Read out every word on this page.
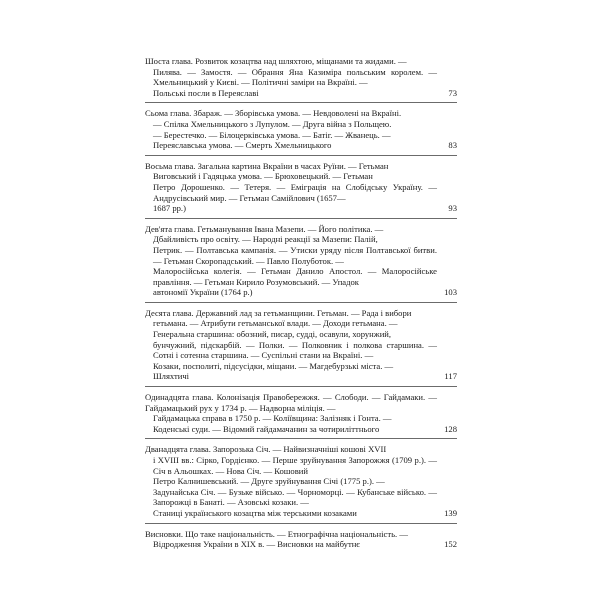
Шоста глава. Розвиток козацтва над шляхтою, міщанами та жидами. —
Пилява. — Замостя. — Обрання Яна Казиміра польським королем. — Хмельницький у Києві. — Політичні заміри на Вкраїні. —
Польські посли в Переяславі	73
Сьома глава. Збараж. — Зборівська умова. — Невдоволені на Вкраїні.
— Спілка Хмельницького з Лупулом. — Друга війна з Польщею.
— Берестечко. — Білоцерківська умова. — Батіг. — Жванець. —
Переяславська умова. — Смерть Хмельницького	83
Восьма глава. Загальна картина Вкраїни в часах Руїни. — Гетьман
Виговський і Гадяцька умова. — Брюховецький. — Гетьман
Петро Дорошенко. — Тетеря. — Еміграція на Слобідську Україну. — Андрусівський мир. — Гетьман Самійлович (1657—
1687 рр.)	93
Дев'ята глава. Гетьманування Івана Мазепи. — Його політика. —
Дбайливість про освіту. — Народні реакції за Мазепи: Палій,
Петрик. — Полтавська кампанія. — Утиски уряду після Полтавської битви. — Гетьман Скоропадський. — Павло Полуботок. —
Малоросійська колегія. — Гетьман Данило Апостол. — Малоросійське правління. — Гетьман Кирило Розумовський. — Упадок
автономії України (1764 р.)	103
Десята глава. Державний лад за гетьманщини. Гетьман. — Рада і вибори
гетьмана. — Атрибути гетьманської влади. — Доходи гетьмана. —
Генеральна старшина: обозний, писар, судді, осавули, хорунжий,
бунчужний, підскарбій. — Полки. — Полковник і полкова старшина. — Сотні і сотенна старшина. — Суспільні стани на Вкраїні. —
Козаки, посполиті, підсусідки, міщани. — Магдебурзькі міста. —
Шляхтичі	117
Одинадцята глава. Колонізація Правобережжя. — Слободи. — Гайдамаки. — Гайдамацький рух у 1734 р. — Надворна міліція. —
Гайдамацька справа в 1750 р. — Коліївщина: Залізняк і Гонта. —
Коденські суди. — Відомий гайдамачанин за чотириліттнього	128
Дванадцята глава. Запорозька Січ. — Найвизначніші кошові XVII
і XVIII вв.: Сірко, Гордієнко. — Перше зруйнування Запорожжя (1709 р.). — Січ в Альошках. — Нова Січ. — Кошовий
Петро Калнишевський. — Друге зруйнування Січі (1775 р.). —
Задунайська Січ. — Бузьке військо. — Чорноморці. — Кубанське військо. — Запорожці в Банаті. — Азовські козаки. —
Станиці українського козацтва між терськими козаками	139
Висновки. Що таке національність. — Етнографічна національність. —
Відродження України в XIX в. — Висновки на майбутнє	152
